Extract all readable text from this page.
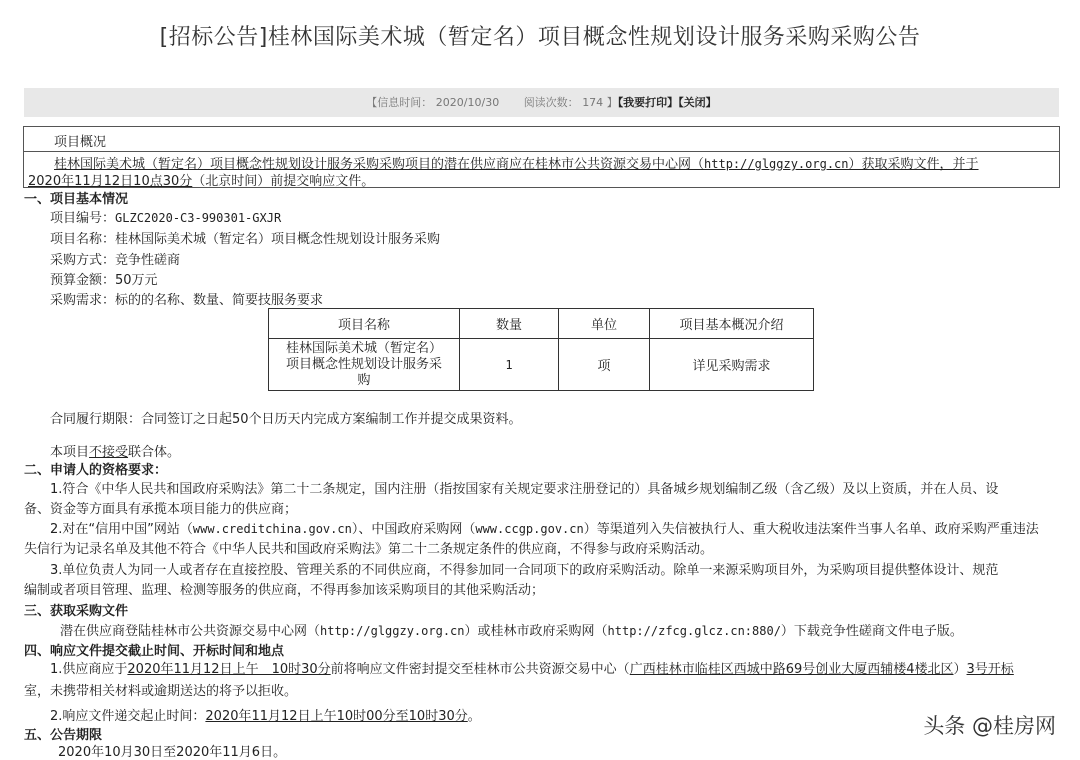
[招标公告]桂林国际美术城（暂定名）项目概念性规划设计服务采购采购公告
【信息时间： 2020/10/30 阅读次数： 174 】【我要打印】【关闭】
项目概况
桂林国际美术城（暂定名）项目概念性规划设计服务采购采购项目的潜在供应商应在桂林市公共资源交易中心网（http://glggzy.org.cn）获取采购文件，并于
2020年11月12日10点30分（北京时间）前提交响应文件。
一、项目基本情况
项目编号：GLZC2020-C3-990301-GXJR
项目名称：桂林国际美术城（暂定名）项目概念性规划设计服务采购
采购方式：竞争性磋商
预算金额：50万元
采购需求：标的的名称、数量、简要技服务要求
项目名称	数量	单位	项目基本概况介绍
桂林国际美术城（暂定名）
项目概念性规划设计服务采
购	1	项	详见采购需求
合同履行期限：合同签订之日起50个日历天内完成方案编制工作并提交成果资料。
本项目不接受联合体。
二、申请人的资格要求：
1.符合《中华人民共和国政府采购法》第二十二条规定，国内注册（指按国家有关规定要求注册登记的）具备城乡规划编制乙级（含乙级）及以上资质，并在人员、设
备、资金等方面具有承揽本项目能力的供应商；
2.对在“信用中国”网站（www.creditchina.gov.cn）、中国政府采购网（www.ccgp.gov.cn）等渠道列入失信被执行人、重大税收违法案件当事人名单、政府采购严重违法
失信行为记录名单及其他不符合《中华人民共和国政府采购法》第二十二条规定条件的供应商，不得参与政府采购活动。
3.单位负责人为同一人或者存在直接控股、管理关系的不同供应商，不得参加同一合同项下的政府采购活动。除单一来源采购项目外，为采购项目提供整体设计、规范
编制或者项目管理、监理、检测等服务的供应商，不得再参加该采购项目的其他采购活动；
三、获取采购文件
潜在供应商登陆桂林市公共资源交易中心网（http://glggzy.org.cn）或桂林市政府采购网（http://zfcg.glcz.cn:880/）下载竞争性磋商文件电子版。
四、响应文件提交截止时间、开标时间和地点
1.供应商应于2020年11月12日上午　10时30分前将响应文件密封提交至桂林市公共资源交易中心（广西桂林市临桂区西城中路69号创业大厦西辅楼4楼北区）3号开标
室，未携带相关材料或逾期送达的将予以拒收。
2.响应文件递交起止时间：2020年11月12日上午10时00分至10时30分。
五、公告期限
2020年10月30日至2020年11月6日。
头条 @桂房网
